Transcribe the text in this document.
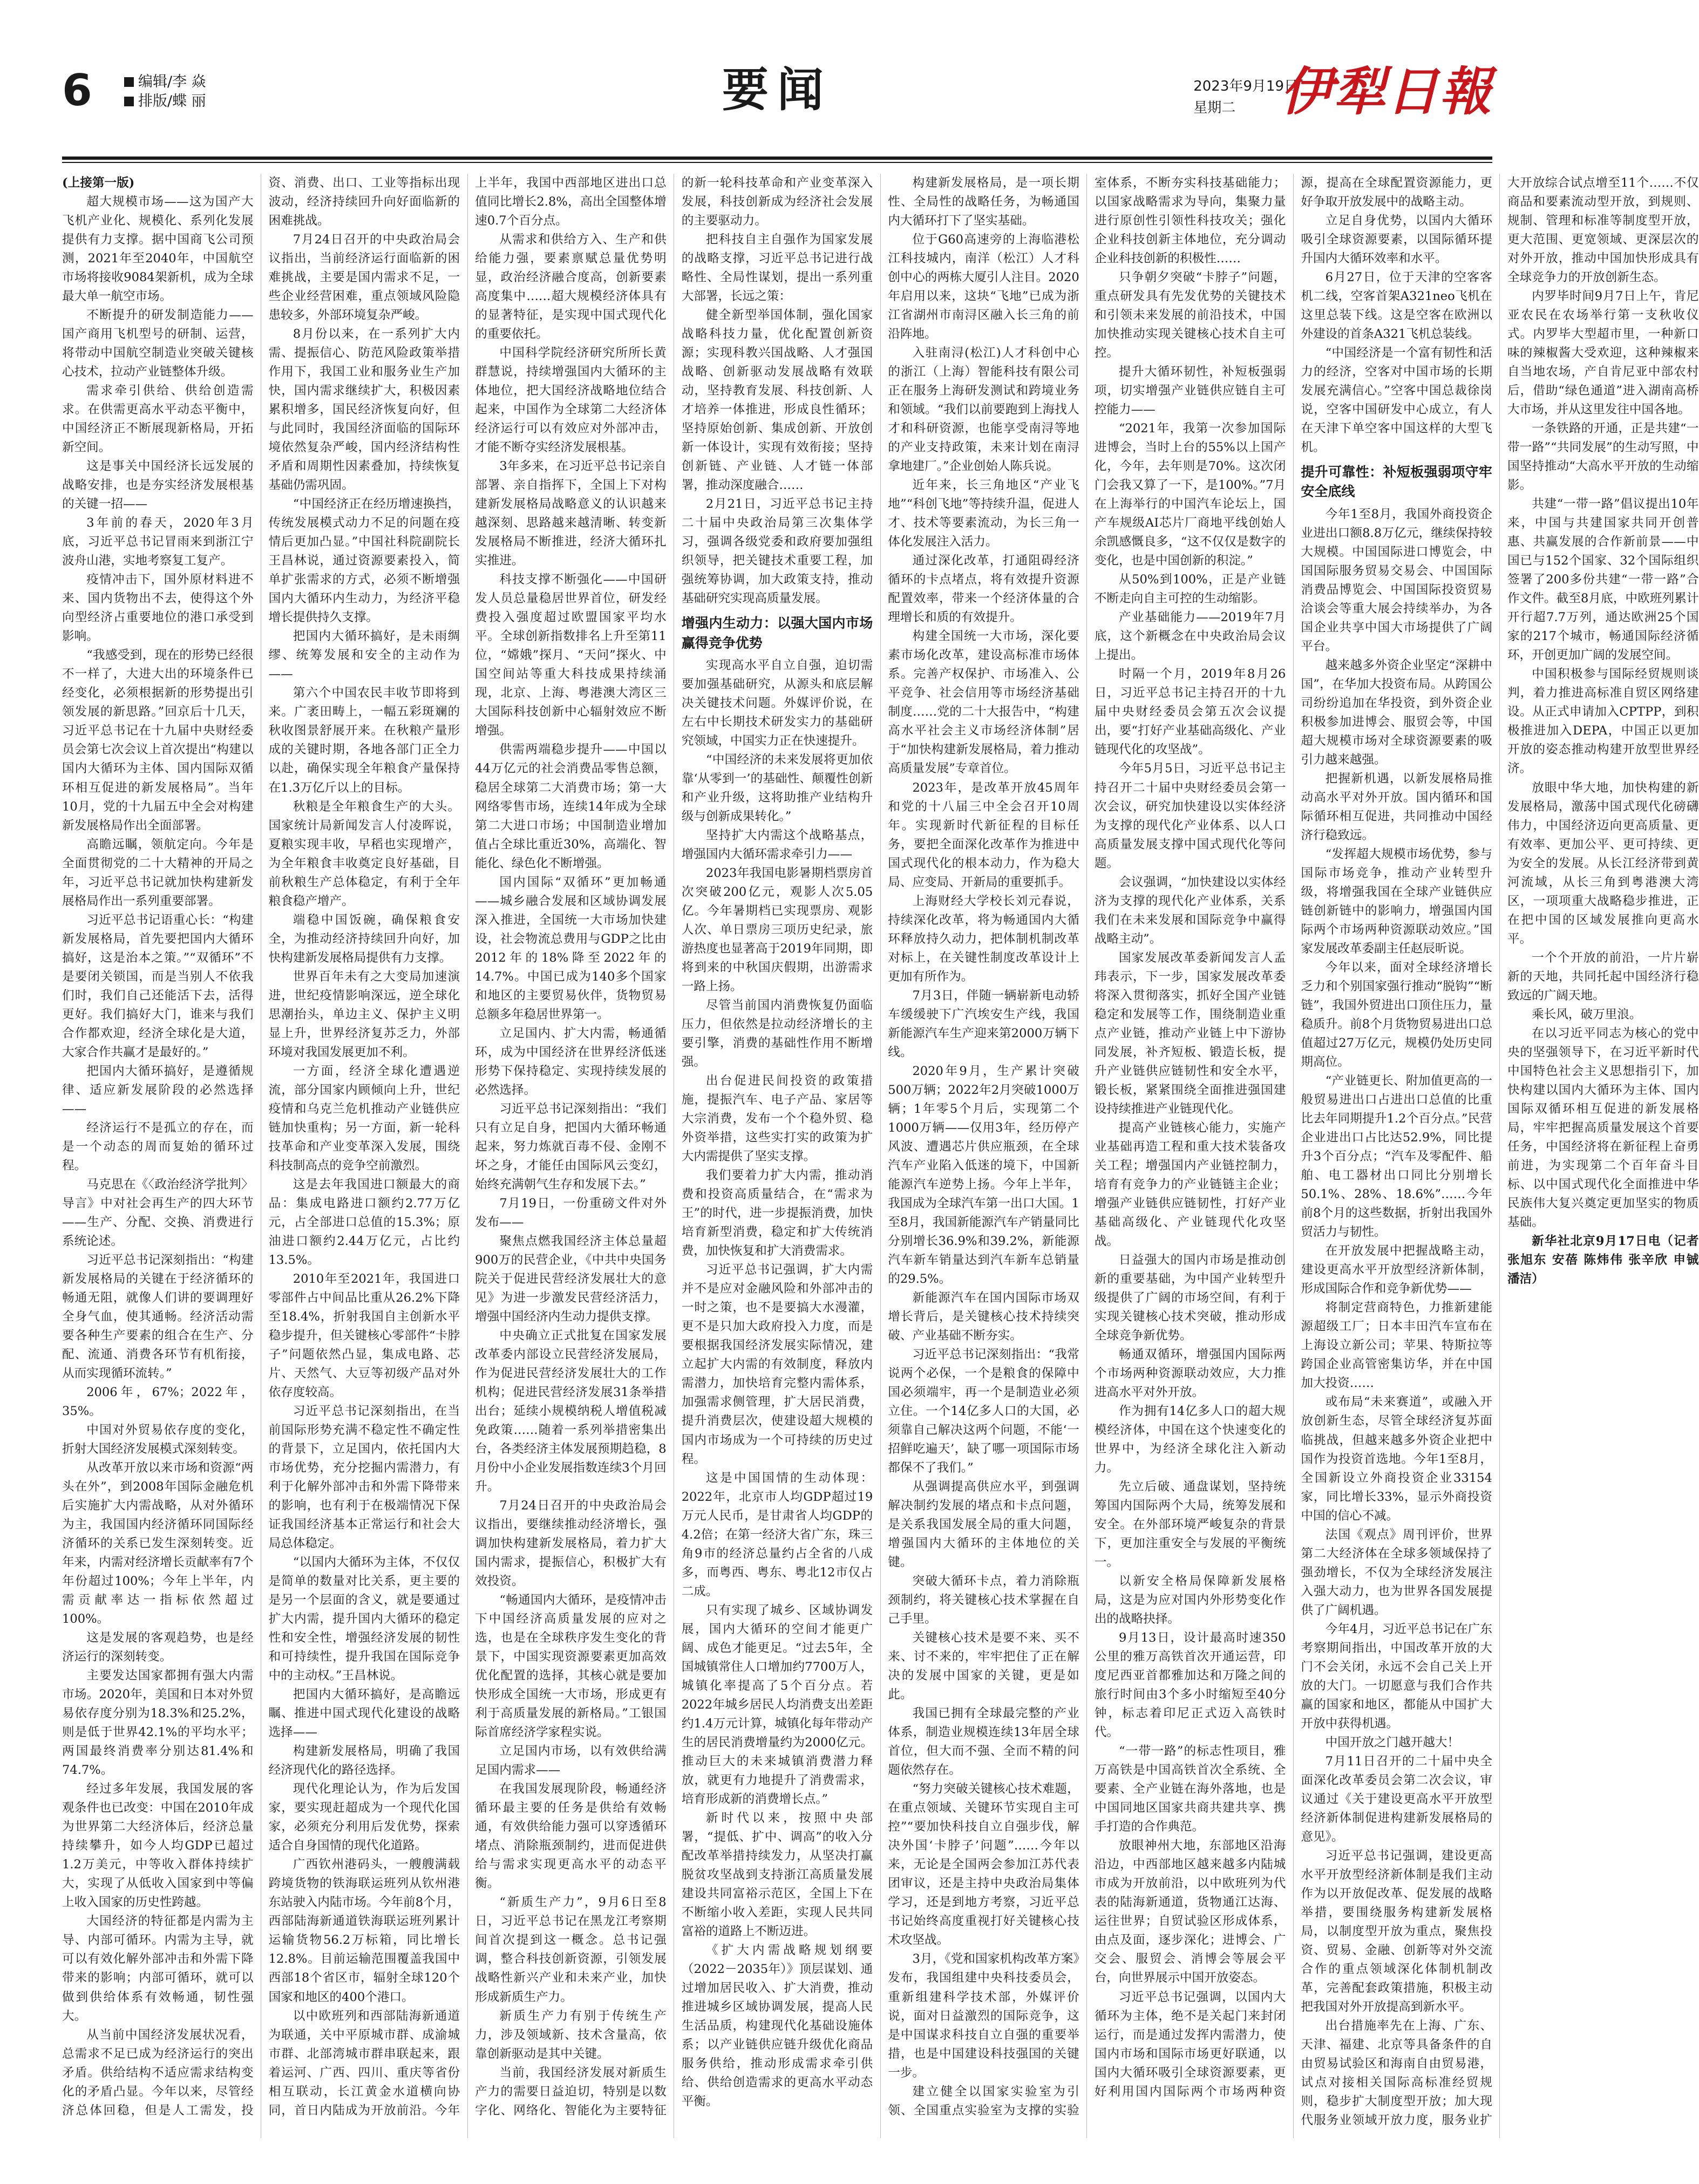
6	编辑/李 焱
排版/蝶 丽	要闻	2023年9月19日
星期二 伊犁日報

(上接第一版)

超大规模市场——这为国产大飞机产业化、规模化、系列化发展提供有力支撑。据中国商飞公司预测，2021年至2040年，中国航空市场将接收9084架新机，成为全球最大单一航空市场。

不断提升的研发制造能力——国产商用飞机型号的研制、运营，将带动中国航空制造业突破关键核心技术，拉动产业链整体升级。

需求牵引供给、供给创造需求。在供需更高水平动态平衡中，中国经济正不断展现新格局，开拓新空间。

这是事关中国经济长远发展的战略安排，也是夯实经济发展根基的关键一招——

3年前的春天，2020年3月底，习近平总书记冒雨来到浙江宁波舟山港，实地考察复工复产。

疫情冲击下，国外原材料进不来、国内货物出不去，使得这个外向型经济占重要地位的港口承受到影响。

“我感受到，现在的形势已经很不一样了，大进大出的环境条件已经变化，必须根据新的形势提出引领发展的新思路。”回京后十几天，习近平总书记在十九届中央财经委员会第七次会议上首次提出“构建以国内大循环为主体、国内国际双循环相互促进的新发展格局”。当年10月，党的十九届五中全会对构建新发展格局作出全面部署。

高瞻远瞩，领航定向。今年是全面贯彻党的二十大精神的开局之年，习近平总书记就加快构建新发展格局作出一系列重要部署。

习近平总书记语重心长：“构建新发展格局，首先要把国内大循环搞好，这是治本之策。”“双循环”不是要闭关锁国，而是当别人不依我们时，我们自己还能活下去，活得更好。我们搞好大门，谁来与我们合作都欢迎，经济全球化是大道，大家合作共赢才是最好的。”

把国内大循环搞好，是遵循规律、适应新发展阶段的必然选择——

经济运行不是孤立的存在，而是一个动态的周而复始的循环过程。

马克思在《〈政治经济学批判〉导言》中对社会再生产的四大环节——生产、分配、交换、消费进行系统论述。

习近平总书记深刻指出：“构建新发展格局的关键在于经济循环的畅通无阻，就像人们讲的要调理好全身气血，使其通畅。经济活动需要各种生产要素的组合在生产、分配、流通、消费各环节有机衔接，从而实现循环流转。”

2006年，67%；2022年，35%。

中国对外贸易依存度的变化，折射大国经济发展模式深刻转变。

从改革开放以来市场和资源“两头在外”，到2008年国际金融危机后实施扩大内需战略，从对外循环为主，我国国内经济循环同国际经济循环的关系已发生深刻转变。近年来，内需对经济增长贡献率有7个年份超过100%；今年上半年，内需贡献率达一指标依然超过100%。

这是发展的客观趋势，也是经济运行的深刻转变。

主要发达国家都拥有强大内需市场。2020年，美国和日本对外贸易依存度分别为18.3%和25.2%，则是低于世界42.1%的平均水平；两国最终消费率分别达81.4%和74.7%。

经过多年发展，我国发展的客观条件也已改变：中国在2010年成为世界第二大经济体后，经济总量持续攀升，如今人均GDP已超过1.2万美元，中等收入群体持续扩大，实现了从低收入国家到中等偏上收入国家的历史性跨越。

大国经济的特征都是内需为主导、内部可循环。内需为主导，就可以有效化解外部冲击和外需下降带来的影响；内部可循环，就可以做到供给体系有效畅通，韧性强大。

从当前中国经济发展状况看，总需求不足已成为经济运行的突出矛盾。供给结构不适应需求结构变化的矛盾凸显。今年以来，尽管经济总体回稳，但是人工需发，投资、消费、出口、工业等指标出现波动，经济持续回升向好面临新的困难挑战。

7月24日召开的中央政治局会议指出，当前经济运行面临新的困难挑战，主要是国内需求不足，一些企业经营困难，重点领域风险隐患较多，外部环境复杂严峻。

8月份以来，在一系列扩大内需、提振信心、防范风险政策举措作用下，我国工业和服务业生产加快，国内需求继续扩大，积极因素累积增多，国民经济恢复向好，但与此同时，我国经济面临的国际环境依然复杂严峻，国内经济结构性矛盾和周期性因素叠加，持续恢复基础仍需巩固。

“中国经济正在经历增速换挡，传统发展模式动力不足的问题在疫情后更加凸显。”中国社科院副院长王昌林说，通过资源要素投入，简单扩张需求的方式，必须不断增强国内大循环内生动力，为经济平稳增长提供持久支撑。

把国内大循环搞好，是未雨绸缪、统筹发展和安全的主动作为——

第六个中国农民丰收节即将到来。广袤田畴上，一幅五彩斑斓的秋收图景舒展开来。在秋粮产量形成的关键时期，各地各部门正全力以赴，确保实现全年粮食产量保持在1.3万亿斤以上的目标。

秋粮是全年粮食生产的大头。国家统计局新闻发言人付凌晖说，夏粮实现丰收，早稻也实现增产，为全年粮食丰收奠定良好基础，目前秋粮生产总体稳定，有利于全年粮食稳产增产。

端稳中国饭碗，确保粮食安全，为推动经济持续回升向好，加快构建新发展格局提供有力支撑。

世界百年未有之大变局加速演进，世纪疫情影响深远，逆全球化思潮抬头，单边主义、保护主义明显上升，世界经济复苏乏力，外部环境对我国发展更加不利。

一方面，经济全球化遭遇逆流，部分国家内顾倾向上升，世纪疫情和乌克兰危机推动产业链供应链加快重构；另一方面，新一轮科技革命和产业变革深入发展，围绕科技制高点的竞争空前激烈。

这是去年我国进口额最大的商品：集成电路进口额约2.77万亿元，占全部进口总值的15.3%；原油进口额约2.44万亿元，占比约13.5%。

2010年至2021年，我国进口零部件占中间品比重从26.2%下降至18.4%，折射我国自主创新水平稳步提升，但关键核心零部件“卡脖子”问题依然凸显，集成电路、芯片、天然气、大豆等初级产品对外依存度较高。

习近平总书记深刻指出，在当前国际形势充满不稳定性不确定性的背景下，立足国内，依托国内大市场优势，充分挖掘内需潜力，有利于化解外部冲击和外需下降带来的影响，也有利于在极端情况下保证我国经济基本正常运行和社会大局总体稳定。

“以国内大循环为主体，不仅仅是简单的数量对比关系，更主要的是另一个层面的含义，就是要通过扩大内需，提升国内大循环的稳定性和安全性，增强经济发展的韧性和可持续性，提升我国在国际竞争中的主动权。”王昌林说。

把国内大循环搞好，是高瞻远瞩、推进中国式现代化建设的战略选择——

构建新发展格局，明确了我国经济现代化的路径选择。

现代化理论认为，作为后发国家，要实现赶超成为一个现代化国家，必须充分利用后发优势，探索适合自身国情的现代化道路。

广西钦州港码头，一艘艘满载跨境货物的铁海联运班列从钦州港东站驶入内陆市场。今年前8个月，西部陆海新通道铁海联运班列累计运输货物56.2万标箱，同比增长12.8%。目前运输范围覆盖我国中西部18个省区市，辐射全球120个国家和地区的400个港口。

以中欧班列和西部陆海新通道为联通，关中平原城市群、成渝城市群、北部湾城市群串联起来，跟着运河、广西、四川、重庆等省份相互联动，长江黄金水道横向协同，首日内陆成为开放前沿。今年上半年，我国中西部地区进出口总值同比增长2.8%，高出全国整体增速0.7个百分点。

从需求和供给方入、生产和供给能力强，要素禀赋总量优势明显，政治经济融合度高，创新要素高度集中……超大规模经济体具有的显著特征，是实现中国式现代化的重要依托。

中国科学院经济研究所所长黄群慧说，持续增强国内大循环的主体地位，把大国经济战略地位结合起来，中国作为全球第二大经济体经济运行可以有效应对外部冲击，才能不断夺实经济发展根基。

3年多来，在习近平总书记亲自部署、亲自指挥下，全国上下对构建新发展格局战略意义的认识越来越深刻、思路越来越清晰、转变新发展格局不断推进，经济大循环扎实推进。

科技支撑不断强化——中国研发人员总量稳居世界首位，研发经费投入强度超过欧盟国家平均水平。全球创新指数排名上升至第11位，“嫦娥”探月、“天问”探火、中国空间站等重大科技成果持续涌现，北京、上海、粤港澳大湾区三大国际科技创新中心辐射效应不断增强。

供需两端稳步提升——中国以44万亿元的社会消费品零售总额，稳居全球第二大消费市场；第一大网络零售市场，连续14年成为全球第二大进口市场；中国制造业增加值占全球比重近30%，高端化、智能化、绿色化不断增强。

国内国际“双循环”更加畅通——城乡融合发展和区域协调发展深入推进，全国统一大市场加快建设，社会物流总费用与GDP之比由2012年的18%降至2022年的14.7%。中国已成为140多个国家和地区的主要贸易伙伴，货物贸易总额多年稳居世界第一。

立足国内、扩大内需，畅通循环，成为中国经济在世界经济低迷形势下保持稳定、实现持续发展的必然选择。

习近平总书记深刻指出：“我们只有立足自身，把国内大循环畅通起来，努力炼就百毒不侵、金刚不坏之身，才能任由国际风云变幻，始终充满朝气生存和发展下去。”

7月19日，一份重磅文件对外发布——

聚焦点燃我国经济主体总量超900万的民营企业，《中共中央国务院关于促进民营经济发展壮大的意见》为进一步激发民营经济活力，增强中国经济内生动力提供支撑。

中央确立正式批复在国家发展改革委内部设立民营经济发展局，作为促进民营经济发展壮大的工作机构；促进民营经济发展31条举措出台；延续小规模纳税人增值税减免政策……随着一系列举措密集出台，各类经济主体发展预期趋稳，8月份中小企业发展指数连续3个月回升。

7月24日召开的中央政治局会议指出，要继续推动经济增长，强调加快构建新发展格局，着力扩大国内需求，提振信心，积极扩大有效投资。

“畅通国内大循环，是疫情冲击下中国经济高质量发展的应对之选，也是在全球秩序发生变化的背景下，中国实现资源要素更加高效优化配置的选择，其核心就是要加快形成全国统一大市场，形成更有利于高质量发展的新格局。”工银国际首席经济学家程实说。

立足国内市场，以有效供给满足国内需求——

在我国发展现阶段，畅通经济循环最主要的任务是供给有效畅通，有效供给能力强可以穿透循环堵点、消除瓶颈制约，进而促进供给与需求实现更高水平的动态平衡。

“新质生产力”，9月6日至8日，习近平总书记在黑龙江考察期间首次提到这一概念。总书记强调，整合科技创新资源，引领发展战略性新兴产业和未来产业，加快形成新质生产力。

新质生产力有别于传统生产力，涉及领域新、技术含量高，依靠创新驱动是其中关键。

当前，我国经济发展对新质生产力的需要日益迫切，特别是以数字化、网络化、智能化为主要特征的新一轮科技革命和产业变革深入发展，科技创新成为经济社会发展的主要驱动力。

把科技自主自强作为国家发展的战略支撑，习近平总书记进行战略性、全局性谋划，提出一系列重大部署，长远之策：

健全新型举国体制，强化国家战略科技力量，优化配置创新资源；实现科教兴国战略、人才强国战略、创新驱动发展战略有效联动，坚持教育发展、科技创新、人才培养一体推进，形成良性循环；坚持原始创新、集成创新、开放创新一体设计，实现有效衔接；坚持创新链、产业链、人才链一体部署，推动深度融合……

2月21日，习近平总书记主持二十届中央政治局第三次集体学习，强调各级党委和政府要加强组织领导，把关键技术重要工程，加强统筹协调，加大政策支持，推动基础研究实现高质量发展。

增强内生动力：以强大国内市场赢得竞争优势

实现高水平自立自强，迫切需要加强基础研究，从源头和底层解决关键技术问题。外媒评价说，在左右中长期技术研发实力的基础研究领域，中国实力正在快速提升。

“中国经济的未来发展将更加依靠‘从零到一’的基础性、颠覆性创新和产业升级，这将助推产业结构升级与创新成果转化。”

坚持扩大内需这个战略基点，增强国内大循环需求牵引力——

2023年我国电影暑期档票房首次突破200亿元，观影人次5.05亿。今年暑期档已实现票房、观影人次、单日票房三项历史纪录，旅游热度也显著高于2019年同期，即将到来的中秋国庆假期，出游需求一路上扬。

尽管当前国内消费恢复仍面临压力，但依然是拉动经济增长的主要引擎，消费的基础性作用不断增强。

出台促进民间投资的政策措施，提振汽车、电子产品、家居等大宗消费，发布一个个稳外贸、稳外资举措，这些实打实的政策为扩大内需提供了坚实支撑。

我们要着力扩大内需，推动消费和投资高质量结合，在“需求为王”的时代，进一步提振消费，加快培育新型消费，稳定和扩大传统消费，加快恢复和扩大消费需求。

习近平总书记强调，扩大内需并不是应对金融风险和外部冲击的一时之策，也不是要搞大水漫灌，更不是只加大政府投入力度，而是要根据我国经济发展实际情况，建立起扩大内需的有效制度，释放内需潜力，加快培育完整内需体系，加强需求侧管理，扩大居民消费，提升消费层次，使建设超大规模的国内市场成为一个可持续的历史过程。

这是中国国情的生动体现：2022年，北京市人均GDP超过19万元人民币，是甘肃省人均GDP的4.2倍；在第一经济大省广东，珠三角9市的经济总量约占全省的八成多，而粤西、粤东、粤北12市仅占二成。

只有实现了城乡、区域协调发展，国内大循环的空间才能更广阔、成色才能更足。“过去5年，全国城镇常住人口增加约7700万人，城镇化率提高了5个百分点。若2022年城乡居民人均消费支出差距约1.4万元计算，城镇化每年带动产生的居民消费增量约为2000亿元。推动巨大的未来城镇消费潜力释放，就更有力地提升了消费需求，培育形成新的消费增长点。”

新时代以来，按照中央部署，“提低、扩中、调高”的收入分配改革举措持续发力，从坚决打赢脱贫攻坚战到支持浙江高质量发展建设共同富裕示范区，全国上下在不断缩小收入差距，实现人民共同富裕的道路上不断迈进。

《扩大内需战略规划纲要（2022－2035年）》顶层谋划、通过增加居民收入、扩大消费，推动推进城乡区域协调发展，提高人民生活品质，构建现代化基础设施体系；以产业链供应链升级优化商品服务供给，推动形成需求牵引供给、供给创造需求的更高水平动态平衡。

构建新发展格局，是一项长期性、全局性的战略任务，为畅通国内大循环打下了坚实基础。

位于G60高速旁的上海临港松江科技城内，南洋（松江）人才科创中心的两栋大厦引人注目。2020年启用以来，这块“飞地”已成为浙江省湖州市南浔区融入长三角的前沿阵地。

入驻南浔(松江)人才科创中心的浙江（上海）智能科技有限公司正在服务上海研发测试和跨境业务和领域。“我们以前要跑到上海找人才和科研资源，也能享受南浔等地的产业支持政策，未来计划在南浔拿地建厂。”企业创始人陈兵说。

近年来，长三角地区“产业飞地”“科创飞地”等持续升温，促进人才、技术等要素流动，为长三角一体化发展注入活力。

通过深化改革，打通阻碍经济循环的卡点堵点，将有效提升资源配置效率，带来一个经济体量的合理增长和质的有效提升。

构建全国统一大市场，深化要素市场化改革，建设高标准市场体系。完善产权保护、市场准入、公平竞争、社会信用等市场经济基础制度……党的二十大报告中，“构建高水平社会主义市场经济体制”居于“加快构建新发展格局，着力推动高质量发展”专章首位。

2023年，是改革开放45周年和党的十八届三中全会召开10周年。实现新时代新征程的目标任务，要把全面深化改革作为推进中国式现代化的根本动力，作为稳大局、应变局、开新局的重要抓手。

上海财经大学校长刘元春说，持续深化改革，将为畅通国内大循环释放持久动力，把体制机制改革对标上，在关键性制度改革设计上更加有所作为。

7月3日，伴随一辆崭新电动轿车缓缓驶下广汽埃安生产线，我国新能源汽车生产迎来第2000万辆下线。

2020年9月，生产累计突破500万辆；2022年2月突破1000万辆；1年零5个月后，实现第二个1000万辆——仅用3年，经历停产风波、遭遇芯片供应瓶颈，在全球汽车产业陷入低迷的境下，中国新能源汽车逆势上扬。今年上半年，我国成为全球汽车第一出口大国。1至8月，我国新能源汽车产销量同比分别增长36.9%和39.2%，新能源汽车新车销量达到汽车新车总销量的29.5%。

新能源汽车在国内国际市场双增长背后，是关键核心技术持续突破、产业基础不断夯实。

习近平总书记深刻指出：“我常说两个必保，一个是粮食的保障中国必须端牢，再一个是制造业必须立住。一个14亿多人口的大国，必须靠自己解决这两个问题，不能‘一招鲜吃遍天’，缺了哪一项国际市场都保不了我们。”

从强调提高供应水平，到强调解决制约发展的堵点和卡点问题，是关系我国发展全局的重大问题，增强国内大循环的主体地位的关键。

突破大循环卡点，着力消除瓶颈制约，将关键核心技术掌握在自己手里。

关键核心技术是要不来、买不来、讨不来的，牢牢把住了正在解决的发展中国家的关键，更是如此。

我国已拥有全球最完整的产业体系，制造业规模连续13年居全球首位，但大而不强、全而不精的问题依然存在。

“努力突破关键核心技术难题，在重点领域、关键环节实现自主可控”“要加快科技自立自强步伐，解决外国‘卡脖子’问题”……今年以来，无论是全国两会参加江苏代表团审议，还是主持中央政治局集体学习，还是到地方考察，习近平总书记始终高度重视打好关键核心技术攻坚战。

3月，《党和国家机构改革方案》发布，我国组建中央科技委员会，重新组建科学技术部，外媒评价说，面对日益激烈的国际竞争，这是中国谋求科技自立自强的重要举措，也是中国建设科技强国的关键一步。

建立健全以国家实验室为引领、全国重点实验室为支撑的实验室体系，不断夯实科技基础能力；以国家战略需求为导向，集聚力量进行原创性引领性科技攻关；强化企业科技创新主体地位，充分调动企业科技创新的积极性……

只争朝夕突破“卡脖子”问题，重点研发具有先发优势的关键技术和引领未来发展的前沿技术，中国加快推动实现关键核心技术自主可控。

提升大循环韧性，补短板强弱项，切实增强产业链供应链自主可控能力——

“2021年，我第一次参加国际进博会，当时上台的55%以上国产化，今年，去年则是70%。这次闭门会我又算了一下，是100%。”7月在上海举行的中国汽车论坛上，国产车规级AI芯片厂商地平线创始人余凯感慨良多，“这不仅仅是数字的变化，也是中国创新的积淀。”

从50%到100%，正是产业链不断走向自主可控的生动缩影。

产业基础能力——2019年7月底，这个新概念在中央政治局会议上提出。

时隔一个月，2019年8月26日，习近平总书记主持召开的十九届中央财经委员会第五次会议提出，要“打好产业基础高级化、产业链现代化的攻坚战”。

今年5月5日，习近平总书记主持召开二十届中央财经委员会第一次会议，研究加快建设以实体经济为支撑的现代化产业体系、以人口高质量发展支撑中国式现代化等问题。

会议强调，“加快建设以实体经济为支撑的现代化产业体系，关系我们在未来发展和国际竞争中赢得战略主动”。

国家发展改革委新闻发言人孟玮表示，下一步，国家发展改革委将深入贯彻落实，抓好全国产业链稳定和发展等工作，围绕制造业重点产业链，推动产业链上中下游协同发展，补齐短板、锻造长板，提升产业链供应链韧性和安全水平，锻长板，紧紧围绕全面推进强国建设持续推进产业链现代化。

提高产业链核心能力，实施产业基础再造工程和重大技术装备攻关工程；增强国内产业链控制力，培育有竞争力的产业链链主企业；增强产业链供应链韧性，打好产业基础高级化、产业链现代化攻坚战。

日益强大的国内市场是推动创新的重要基础，为中国产业转型升级提供了广阔的市场空间，有利于实现关键核心技术突破，推动形成全球竞争新优势。

畅通双循环，增强国内国际两个市场两种资源联动效应，大力推进高水平对外开放。

作为拥有14亿多人口的超大规模经济体，中国在这个快速变化的世界中，为经济全球化注入新动力。

先立后破、通盘谋划，坚持统筹国内国际两个大局，统筹发展和安全。在外部环境严峻复杂的背景下，更加注重安全与发展的平衡统一。

以新安全格局保障新发展格局，这是为应对国内外形势变化作出的战略抉择。

9月13日，设计最高时速350公里的雅万高铁首次开通运营，印度尼西亚首都雅加达和万隆之间的旅行时间由3个多小时缩短至40分钟，标志着印尼正式迈入高铁时代。

“一带一路”的标志性项目，雅万高铁是中国高铁首次全系统、全要素、全产业链在海外落地，也是中国同地区国家共商共建共享、携手打造的合作典范。

放眼神州大地，东部地区沿海沿边，中西部地区越来越多内陆城市成为开放前沿，以中欧班列为代表的陆海新通道，货物通江达海、运往世界；自贸试验区形成体系，由点及面，逐步深化；进博会、广交会、服贸会、消博会等展会平台，向世界展示中国开放姿态。

习近平总书记强调，以国内大循环为主体，绝不是关起门来封闭运行，而是通过发挥内需潜力，使国内市场和国际市场更好联通，以国内大循环吸引全球资源要素，更好利用国内国际两个市场两种资源，提高在全球配置资源能力，更好争取开放发展中的战略主动。

立足自身优势，以国内大循环吸引全球资源要素，以国际循环提升国内大循环效率和水平。

6月27日，位于天津的空客客机二线，空客首架A321neo飞机在这里总装下线。这是空客在欧洲以外建设的首条A321飞机总装线。

“中国经济是一个富有韧性和活力的经济，空客对中国市场的长期发展充满信心。”空客中国总裁徐岗说，空客中国研发中心成立，有人在天津下单空客中国这样的大型飞机。

提升可靠性：补短板强弱项守牢安全底线

今年1至8月，我国外商投资企业进出口额8.8万亿元，继续保持较大规模。中国国际进口博览会，中国国际服务贸易交易会、中国国际消费品博览会、中国国际投资贸易洽谈会等重大展会持续举办，为各国企业共享中国大市场提供了广阔平台。

越来越多外资企业坚定“深耕中国”，在华加大投资布局。从跨国公司纷纷追加在华投资，到外资企业积极参加进博会、服贸会等，中国超大规模市场对全球资源要素的吸引力越来越强。

把握新机遇，以新发展格局推动高水平对外开放。国内循环和国际循环相互促进，共同推动中国经济行稳致远。

“发挥超大规模市场优势，参与国际市场竞争，推动产业转型升级，将增强我国在全球产业链供应链创新链中的影响力，增强国内国际两个市场两种资源联动效应。”国家发展改革委副主任赵辰昕说。

今年以来，面对全球经济增长乏力和个别国家强行推动“脱钩”“断链”，我国外贸进出口顶住压力，量稳质升。前8个月货物贸易进出口总值超过27万亿元，规模仍处历史同期高位。

“产业链更长、附加值更高的一般贸易进出口占进出口总值的比重比去年同期提升1.2个百分点。”民营企业进出口占比达52.9%，同比提升3个百分点；“汽车及零配件、船舶、电工器材出口同比分别增长50.1%、28%、18.6%”……今年前8个月的这些数据，折射出我国外贸活力与韧性。

在开放发展中把握战略主动，建设更高水平开放型经济新体制，形成国际合作和竞争新优势——

将制定营商特色，力推新建能源超级工厂；日本丰田汽车宣布在上海设立新公司；苹果、特斯拉等跨国企业高管密集访华，并在中国加大投资……

或布局“未来赛道”，或融入开放创新生态，尽管全球经济复苏面临挑战，但越来越多外资企业把中国作为投资首选地。今年1至8月，全国新设立外商投资企业33154家，同比增长33%，显示外商投资中国的信心不减。

法国《观点》周刊评价，世界第二大经济体在全球多领域保持了强劲增长，不仅为全球经济发展注入强大动力，也为世界各国发展提供了广阔机遇。

今年4月，习近平总书记在广东考察期间指出，中国改革开放的大门不会关闭，永远不会自己关上开放的大门。一切愿意与我们合作共赢的国家和地区，都能从中国扩大开放中获得机遇。

中国开放之门越开越大！

7月11日召开的二十届中央全面深化改革委员会第二次会议，审议通过《关于建设更高水平开放型经济新体制促进构建新发展格局的意见》。

习近平总书记强调，建设更高水平开放型经济新体制是我们主动作为以开放促改革、促发展的战略举措，要围绕服务构建新发展格局，以制度型开放为重点，聚焦投资、贸易、金融、创新等对外交流合作的重点领域深化体制机制改革，完善配套政策措施，积极主动把我国对外开放提高到新水平。

出台措施率先在上海、广东、天津、福建、北京等具备条件的自由贸易试验区和海南自由贸易港，试点对接相关国际高标准经贸规则，稳步扩大制度型开放；加大现代服务业领域开放力度，服务业扩大开放综合试点增至11个……不仅商品和要素流动型开放，到规则、规制、管理和标准等制度型开放，更大范围、更宽领域、更深层次的对外开放，推动中国加快形成具有全球竞争力的开放创新生态。

内罗毕时间9月7日上午，肯尼亚农民在农场举行第一支秋收仪式。内罗毕大型超市里，一种新口味的辣椒酱大受欢迎，这种辣椒来自当地农场，产自肯尼亚中部农村后，借助“绿色通道”进入湖南高桥大市场，并从这里发往中国各地。

一条铁路的开通，正是共建“一带一路”“共同发展”的生动写照，中国坚持推动“大高水平开放的生动缩影。

共建“一带一路”倡议提出10年来，中国与共建国家共同开创普惠、共赢发展的合作新前景——中国已与152个国家、32个国际组织签署了200多份共建“一带一路”合作文件。截至8月底，中欧班列累计开行超7.7万列，通达欧洲25个国家的217个城市，畅通国际经济循环，开创更加广阔的发展空间。

中国积极参与国际经贸规则谈判，着力推进高标准自贸区网络建设。从正式申请加入CPTPP，到积极推进加入DEPA，中国正以更加开放的姿态推动构建开放型世界经济。

放眼中华大地，加快构建的新发展格局，激荡中国式现代化磅礴伟力，中国经济迈向更高质量、更有效率、更加公平、更可持续、更为安全的发展。从长江经济带到黄河流域，从长三角到粤港澳大湾区，一项项重大战略稳步推进，正在把中国的区域发展推向更高水平。

一个个开放的前沿，一片片崭新的天地，共同托起中国经济行稳致远的广阔天地。

乘长风，破万里浪。

在以习近平同志为核心的党中央的坚强领导下，在习近平新时代中国特色社会主义思想指引下，加快构建以国内大循环为主体、国内国际双循环相互促进的新发展格局，牢牢把握高质量发展这个首要任务，中国经济将在新征程上奋勇前进，为实现第二个百年奋斗目标、以中国式现代化全面推进中华民族伟大复兴奠定更加坚实的物质基础。

新华社北京9月17日电（记者 张旭东 安蓓 陈炜伟 张辛欣 申铖 潘洁）
